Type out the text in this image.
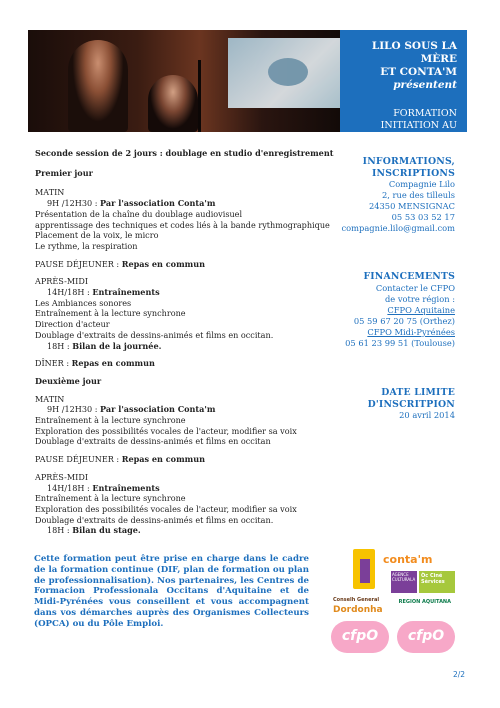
LILO SOUS LA MÈRE
ET CONTA'M
présentent
FORMATION
INITIATION AU DOUBLAGE
EN OCCITAN
Seconde session de 2 jours : doublage en studio d'enregistrement
Premier jour
MATIN
9H /12H30 : Par l'association Conta'm
Présentation de la chaîne du doublage audiovisuel
apprentissage des techniques et codes liés à la bande rythmographique
Placement de la voix, le micro
Le rythme, la respiration
PAUSE DÉJEUNER : Repas en commun
APRÈS-MIDI
14H/18H : Entraînements
Les Ambiances sonores
Entraînement à la lecture synchrone
Direction d'acteur
Doublage d'extraits de dessins-animés et films en occitan.
18H : Bilan de la journée.
DÎNER : Repas en commun
Deuxième jour
MATIN
9H /12H30 : Par l'association Conta'm
Entraînement à la lecture synchrone
Exploration des possibilités vocales de l'acteur, modifier sa voix
Doublage d'extraits de dessins-animés et films en occitan
PAUSE DÉJEUNER : Repas en commun
APRÈS-MIDI
14H/18H : Entraînements
Entraînement à la lecture synchrone
Exploration des possibilités vocales de l'acteur, modifier sa voix
Doublage d'extraits de dessins-animés et films en occitan.
18H : Bilan du stage.
INFORMATIONS,
INSCRIPTIONS
Compagnie Lilo
2, rue des tilleuls
24350 MENSIGNAC
05 53 03 52 17
compagnie.lilo@gmail.com
FINANCEMENTS
Contacter le CFPO
de votre région :
CFPO Aquitaine
05 59 67 20 75 (Orthez)
CFPO Midi-Pyrénées
05 61 23 99 51 (Toulouse)
DATE LIMITE
D'INSCRITPION
20 avril 2014
Cette formation peut être prise en charge dans le cadre de la formation continue (DIF, plan de formation ou plan de professionnalisation). Nos partenaires, les Centres de Formacion Professionala Occitans d'Aquitaine et de Midi-Pyrénées vous conseillent et vous accompagnent dans vos démarches auprès des Organismes Collecteurs (OPCA) ou du Pôle Emploi.
conta'm
AGENCE CULTURALA
Òc Ciné Sèrvices
Conselh General
Dordonha
REGION AQUITANA
cfpO	cfpO
2/2
